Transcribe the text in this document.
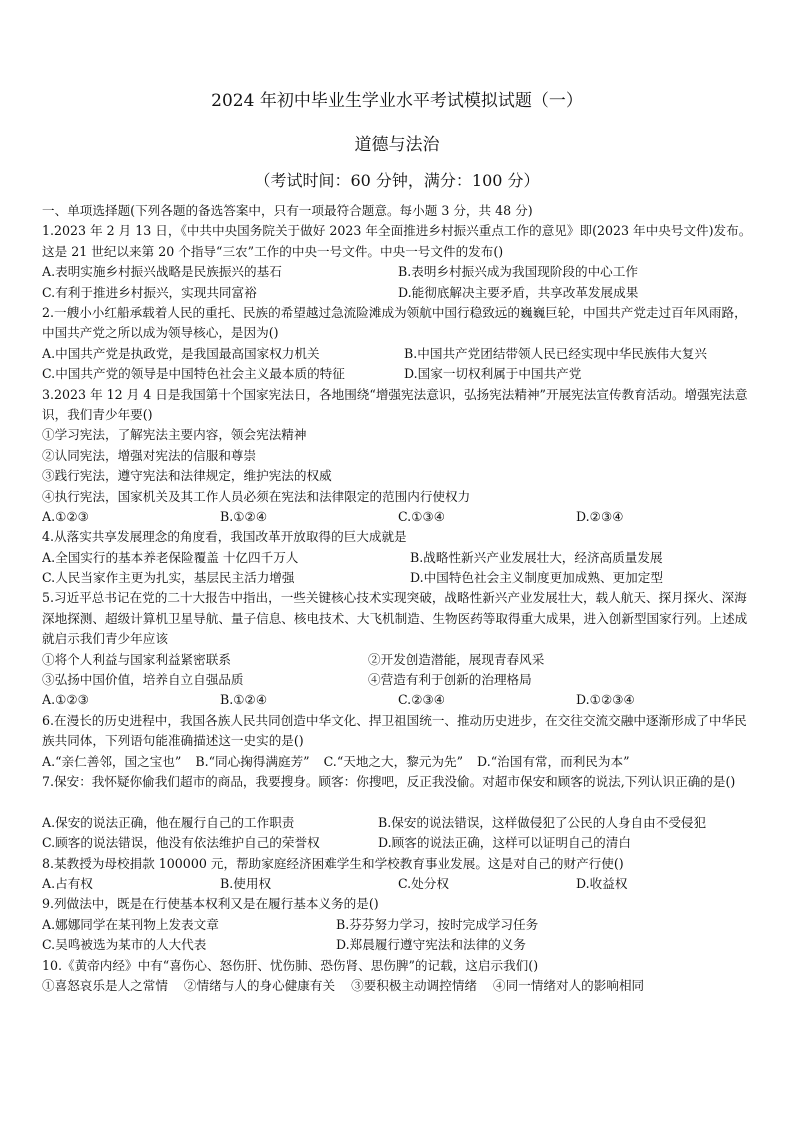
2024 年初中毕业生学业水平考试模拟试题（一）
道德与法治
（考试时间：60 分钟，满分：100 分）
一、单项选择题(下列各题的备选答案中，只有一项最符合题意。每小题 3 分，共 48 分)
1.2023 年 2 月 13 日，《中共中央国务院关于做好 2023 年全面推进乡村振兴重点工作的意见》即(2023 年中央号文件)发布。这是 21 世纪以来第 20 个指导“三农”工作的中央一号文件。中央一号文件的发布()
A.表明实施乡村振兴战略是民族振兴的基石	B.表明乡村振兴成为我国现阶段的中心工作
C.有利于推进乡村振兴，实现共同富裕	D.能彻底解决主要矛盾，共享改革发展成果
2.一艘小小红船承载着人民的重托、民族的希望越过急流险滩成为领航中国行稳致远的巍巍巨轮，中国共产党走过百年风雨路，中国共产党之所以成为领导核心，是因为()
A.中国共产党是执政党，是我国最高国家权力机关	B.中国共产党团结带领人民已经实现中华民族伟大复兴
C.中国共产党的领导是中国特色社会主义最本质的特征	D.国家一切权利属于中国共产党
3.2023 年 12 月 4 日是我国第十个国家宪法日，各地围绕“增强宪法意识，弘扬宪法精神”开展宪法宣传教育活动。增强宪法意识，我们青少年要()
①学习宪法，了解宪法主要内容，领会宪法精神
②认同宪法，增强对宪法的信服和尊崇
③践行宪法，遵守宪法和法律规定，维护宪法的权威
④执行宪法，国家机关及其工作人员必须在宪法和法律限定的范围内行使权力
A.①②③	B.①②④	C.①③④	D.②③④
4.从落实共享发展理念的角度看，我国改革开放取得的巨大成就是
A.全国实行的基本养老保险覆盖 十亿四千万人	B.战略性新兴产业发展壮大，经济高质量发展
C.人民当家作主更为扎实，基层民主活力增强	D.中国特色社会主义制度更加成熟、更加定型
5.习近平总书记在党的二十大报告中指出，一些关键核心技术实现突破，战略性新兴产业发展壮大，载人航天、探月探火、深海深地探测、超级计算机卫星导航、量子信息、核电技术、大飞机制造、生物医药等取得重大成果，进入创新型国家行列。上述成就启示我们青少年应该
①将个人利益与国家利益紧密联系	②开发创造潜能，展现青春风采
③弘扬中国价值，培养自立自强品质	④营造有利于创新的治理格局
A.①②③	B.①②④	C.②③④	D.①②③④
6.在漫长的历史进程中，我国各族人民共同创造中华文化、捍卫祖国统一、推动历史进步，在交往交流交融中逐渐形成了中华民族共同体，下列语句能准确描述这一史实的是()
A.“亲仁善邻，国之宝也” B.“同心掬得满庭芳” C.“天地之大，黎元为先” D.“治国有常，而利民为本”
7.保安：我怀疑你偷我们超市的商品，我要搜身。顾客：你搜吧，反正我没偷。对超市保安和顾客的说法,下列认识正确的是()
A.保安的说法正确，他在履行自己的工作职责	B.保安的说法错误，这样做侵犯了公民的人身自由不受侵犯
C.顾客的说法错误，他没有依法维护自己的荣誉权	D.顾客的说法正确，这样可以证明自己的清白
8.某教授为母校捐款 100000 元，帮助家庭经济困难学生和学校教育事业发展。这是对自己的财产行使()
A.占有权	B.使用权	C.处分权	D.收益权
9.列做法中，既是在行使基本权利又是在履行基本义务的是()
A.娜娜同学在某刊物上发表文章	B.芬芬努力学习，按时完成学习任务
C.吴鸣被选为某市的人大代表	D.郑晨履行遵守宪法和法律的义务
10.《黄帝内经》中有“喜伤心、怒伤肝、忧伤肺、恐伤肾、思伤脾”的记载，这启示我们()
①喜怒哀乐是人之常情 ②情绪与人的身心健康有关 ③要积极主动调控情绪 ④同一情绪对人的影响相同
